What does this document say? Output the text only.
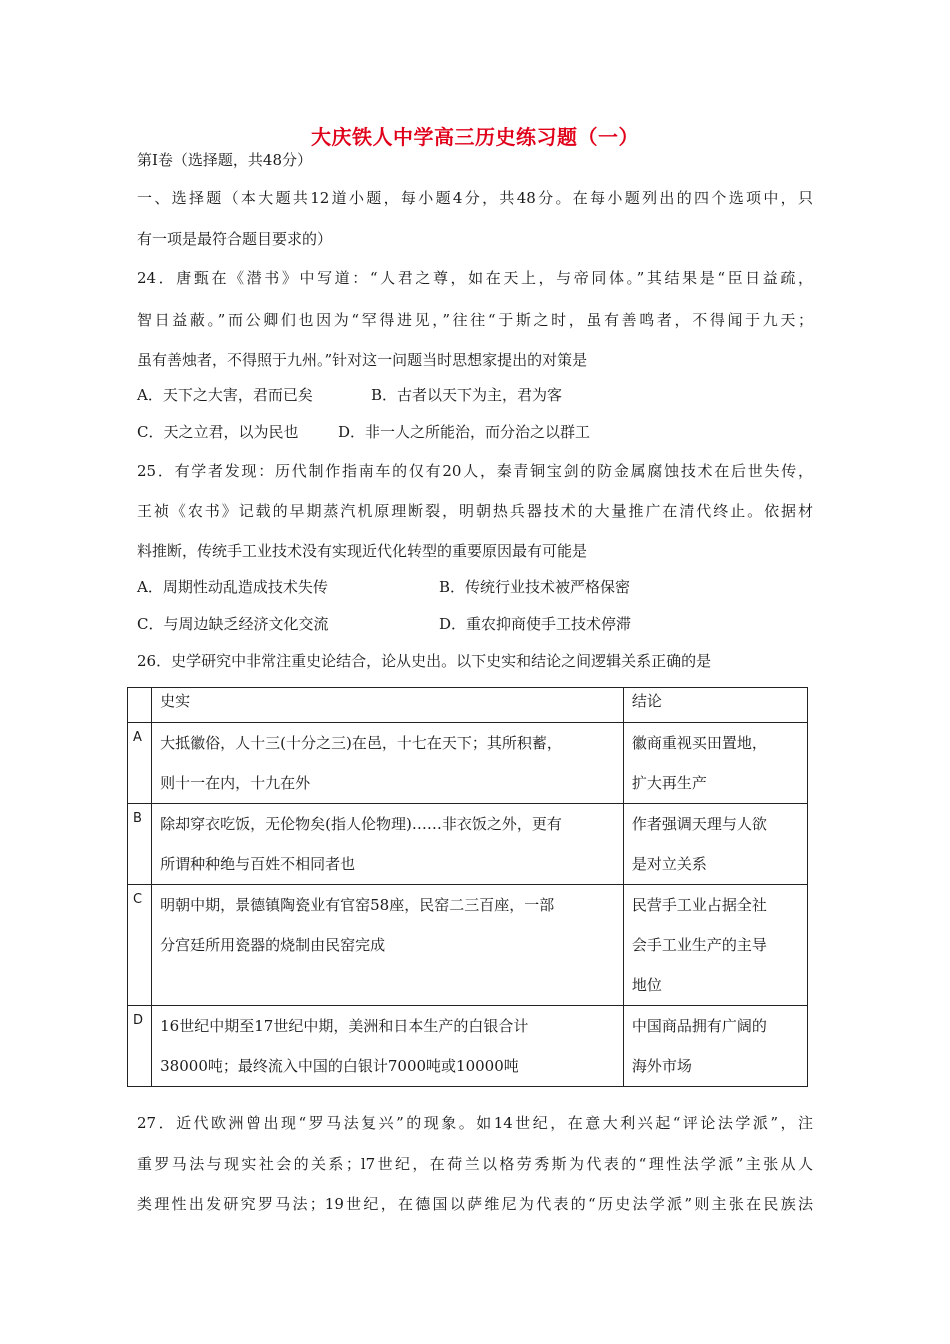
大庆铁人中学高三历史练习题（一）
第Ⅰ卷（选择题，共48分）
一、选择题（本大题共12道小题，每小题4分，共48分。在每小题列出的四个选项中，只
有一项是最符合题目要求的）
24．唐甄在《潜书》中写道：“人君之尊，如在天上，与帝同体。”其结果是“臣日益疏，
智日益蔽。”而公卿们也因为“罕得进见，”往往“于斯之时，虽有善鸣者，不得闻于九天；
虽有善烛者，不得照于九州。”针对这一问题当时思想家提出的对策是
A．天下之大害，君而已矣	B．古者以天下为主，君为客
C．天之立君，以为民也	D．非一人之所能治，而分治之以群工
25．有学者发现：历代制作指南车的仅有20人，秦青铜宝剑的防金属腐蚀技术在后世失传，
王祯《农书》记载的早期蒸汽机原理断裂，明朝热兵器技术的大量推广在清代终止。依据材
料推断，传统手工业技术没有实现近代化转型的重要原因最有可能是
A．周期性动乱造成技术失传	B．传统行业技术被严格保密
C．与周边缺乏经济文化交流	D．重农抑商使手工技术停滞
26．史学研究中非常注重史论结合，论从史出。以下史实和结论之间逻辑关系正确的是
	史实	结论
A	大抵徽俗，人十三(十分之三)在邑，十七在天下；其所积蓄，
则十一在内，十九在外	徽商重视买田置地，
扩大再生产

B	除却穿衣吃饭，无伦物矣(指人伦物理)……非衣饭之外，更有
所谓种种绝与百姓不相同者也	作者强调天理与人欲
是对立关系

C	明朝中期，景德镇陶瓷业有官窑58座，民窑二三百座，一部
分宫廷所用瓷器的烧制由民窑完成	民营手工业占据全社
会手工业生产的主导
地位

D	16世纪中期至17世纪中期，美洲和日本生产的白银合计
38000吨；最终流入中国的白银计7000吨或10000吨	中国商品拥有广阔的
海外市场
27．近代欧洲曾出现“罗马法复兴”的现象。如14世纪，在意大利兴起“评论法学派”，注
重罗马法与现实社会的关系；l7世纪，在荷兰以格劳秀斯为代表的“理性法学派”主张从人
类理性出发研究罗马法；19世纪，在德国以萨维尼为代表的“历史法学派”则主张在民族法
